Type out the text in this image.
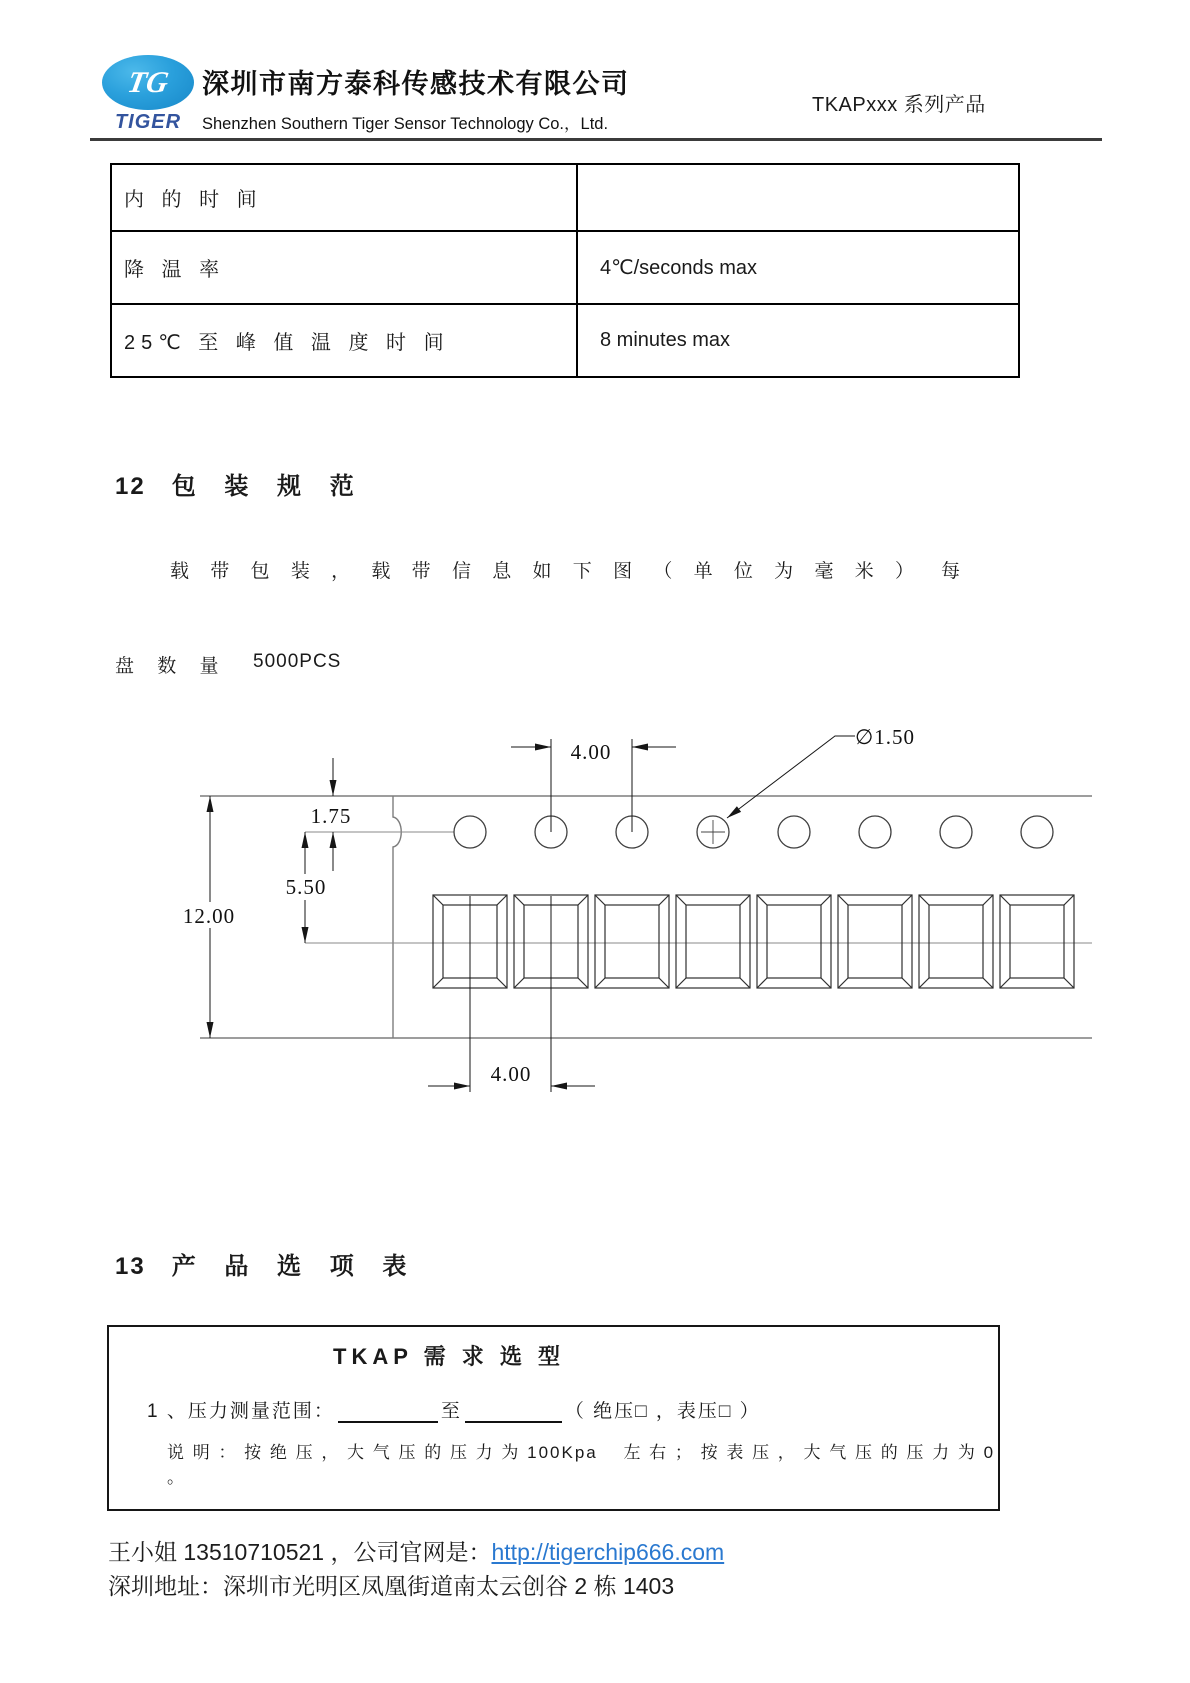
TG
TIGER
深圳市南方泰科传感技术有限公司
Shenzhen Southern Tiger Sensor Technology Co.，Ltd.
TKAPxxx 系列产品
内 的 时 间
降 温 率	4℃/seconds max
25℃ 至 峰 值 温 度 时 间	8 minutes max
12 包 装 规 范
载 带 包 装 ， 载 带 信 息 如 下 图 （ 单 位 为 毫 米 ） 每
盘 数 量 5000PCS
4.00
∅1.50
1.75
5.50
12.00
4.00
13 产 品 选 项 表
TKAP 需 求 选 型
1 、压力测量范围：	至	（ 绝压□ ，表压□ ）
说 明 ： 按 绝 压 ， 大 气 压 的 压 力 为 100Kpa　 左 右 ； 按 表 压 ， 大 气 压 的 压 力 为 0 。
王小姐 13510710521 ，公司官网是：http://tigerchip666.com
深圳地址：深圳市光明区凤凰街道南太云创谷 2 栋 1403
